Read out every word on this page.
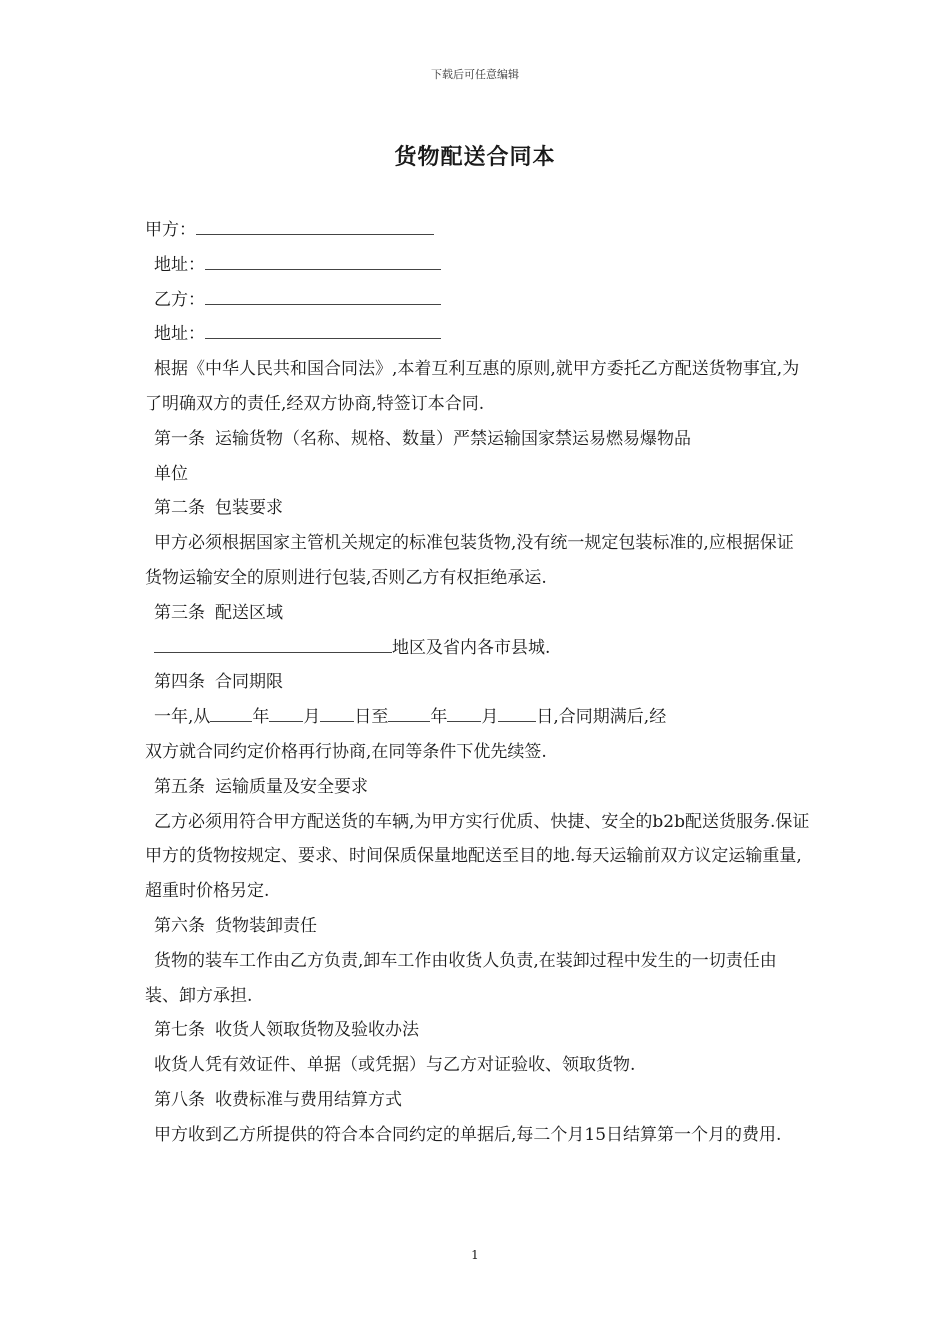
下载后可任意编辑
货物配送合同本
甲方：
地址：
乙方：
地址：
根据《中华人民共和国合同法》,本着互利互惠的原则,就甲方委托乙方配送货物事宜,为了明确双方的责任,经双方协商,特签订本合同.
第一条 运输货物（名称、规格、数量）严禁运输国家禁运易燃易爆物品
单位
第二条 包装要求
甲方必须根据国家主管机关规定的标准包装货物,没有统一规定包装标准的,应根据保证货物运输安全的原则进行包装,否则乙方有权拒绝承运.
第三条 配送区域
地区及省内各市县城.
第四条 合同期限
一年,从 年 月 日至 年 月 日,合同期满后,经
双方就合同约定价格再行协商,在同等条件下优先续签.
第五条 运输质量及安全要求
乙方必须用符合甲方配送货的车辆,为甲方实行优质、快捷、安全的b2b配送货服务.保证甲方的货物按规定、要求、时间保质保量地配送至目的地.每天运输前双方议定运输重量,超重时价格另定.
第六条 货物装卸责任
货物的装车工作由乙方负责,卸车工作由收货人负责,在装卸过程中发生的一切责任由装、卸方承担.
第七条 收货人领取货物及验收办法
收货人凭有效证件、单据（或凭据）与乙方对证验收、领取货物.
第八条 收费标准与费用结算方式
甲方收到乙方所提供的符合本合同约定的单据后,每二个月15日结算第一个月的费用.
1
